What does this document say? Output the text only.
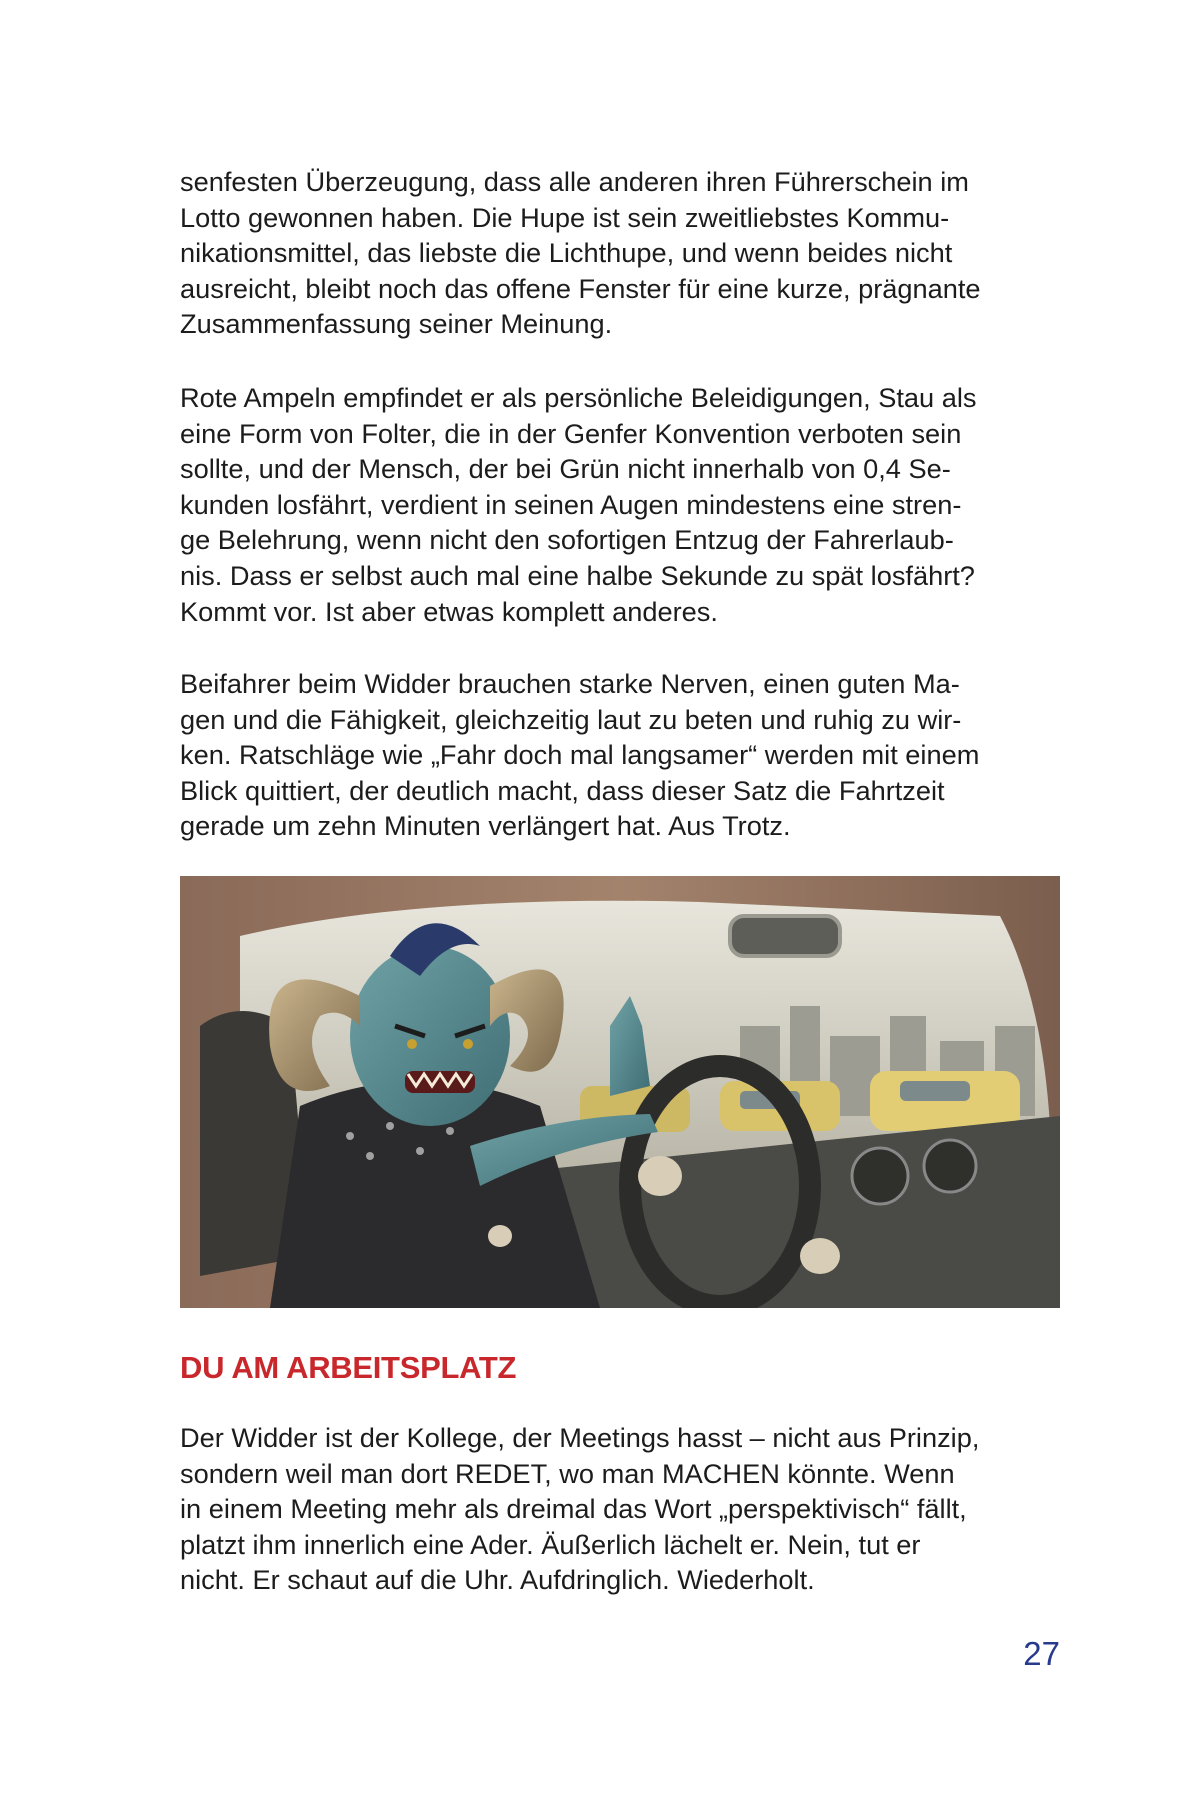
senfesten Überzeugung, dass alle anderen ihren Führerschein im
Lotto gewonnen haben. Die Hupe ist sein zweitliebstes Kommu-
nikationsmittel, das liebste die Lichthupe, und wenn beides nicht
ausreicht, bleibt noch das offene Fenster für eine kurze, prägnante
Zusammenfassung seiner Meinung.

Rote Ampeln empfindet er als persönliche Beleidigungen, Stau als
eine Form von Folter, die in der Genfer Konvention verboten sein
sollte, und der Mensch, der bei Grün nicht innerhalb von 0,4 Se-
kunden losfährt, verdient in seinen Augen mindestens eine stren-
ge Belehrung, wenn nicht den sofortigen Entzug der Fahrerlaub-
nis. Dass er selbst auch mal eine halbe Sekunde zu spät losfährt?
Kommt vor. Ist aber etwas komplett anderes.

Beifahrer beim Widder brauchen starke Nerven, einen guten Ma-
gen und die Fähigkeit, gleichzeitig laut zu beten und ruhig zu wir-
ken. Ratschläge wie „Fahr doch mal langsamer“ werden mit einem
Blick quittiert, der deutlich macht, dass dieser Satz die Fahrtzeit
gerade um zehn Minuten verlängert hat. Aus Trotz.

DU AM ARBEITSPLATZ

Der Widder ist der Kollege, der Meetings hasst – nicht aus Prinzip,
sondern weil man dort REDET, wo man MACHEN könnte. Wenn
in einem Meeting mehr als dreimal das Wort „perspektivisch“ fällt,
platzt ihm innerlich eine Ader. Äußerlich lächelt er. Nein, tut er
nicht. Er schaut auf die Uhr. Aufdringlich. Wiederholt.

27
